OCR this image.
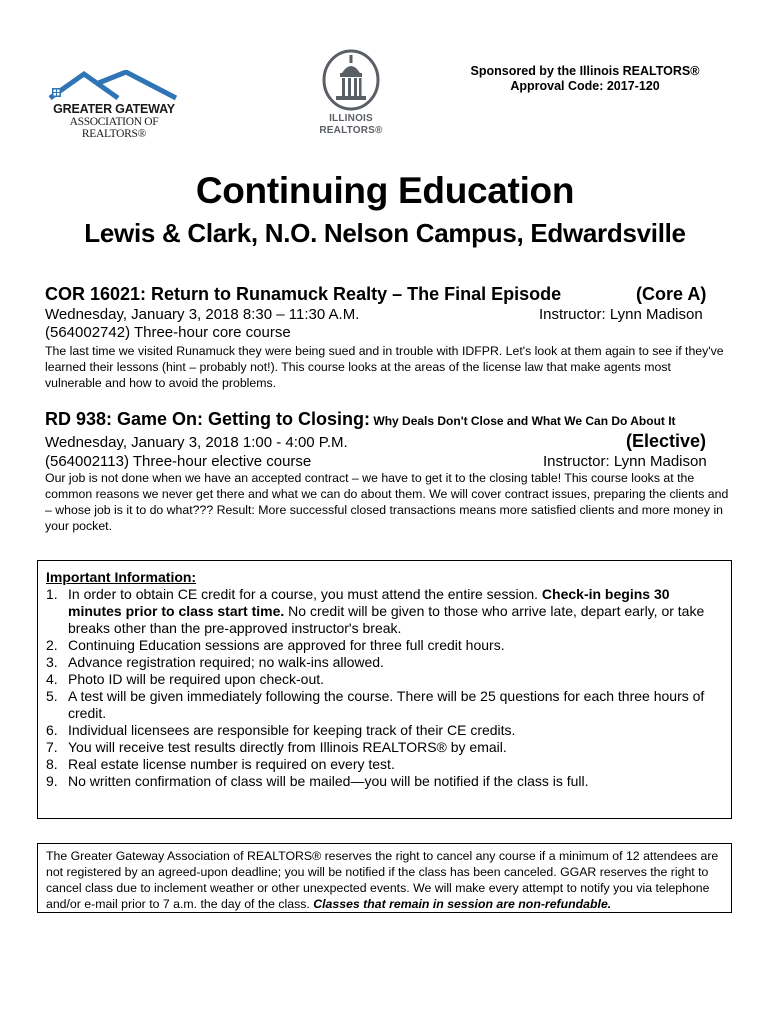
GREATER GATEWAY
ASSOCIATION OF REALTORS®
ILLINOIS
REALTORS®
Sponsored by the Illinois REALTORS®
Approval Code: 2017-120
Continuing Education
Lewis & Clark, N.O. Nelson Campus, Edwardsville
COR 16021: Return to Runamuck Realty – The Final Episode	(Core A)
Wednesday, January 3, 2018 8:30 – 11:30 A.M.	Instructor: Lynn Madison
(564002742) Three-hour core course
The last time we visited Runamuck they were being sued and in trouble with IDFPR. Let's look at them again to see if they've learned their lessons (hint – probably not!). This course looks at the areas of the license law that make agents most vulnerable and how to avoid the problems.
RD 938: Game On: Getting to Closing: Why Deals Don't Close and What We Can Do About It
Wednesday, January 3, 2018 1:00 - 4:00 P.M.	(Elective)
(564002113) Three-hour elective course	Instructor: Lynn Madison
Our job is not done when we have an accepted contract – we have to get it to the closing table! This course looks at the common reasons we never get there and what we can do about them. We will cover contract issues, preparing the clients and – whose job is it to do what??? Result: More successful closed transactions means more satisfied clients and more money in your pocket.
Important Information:
1. In order to obtain CE credit for a course, you must attend the entire session. Check-in begins 30 minutes prior to class start time. No credit will be given to those who arrive late, depart early, or take breaks other than the pre-approved instructor's break.
2. Continuing Education sessions are approved for three full credit hours.
3. Advance registration required; no walk-ins allowed.
4. Photo ID will be required upon check-out.
5. A test will be given immediately following the course. There will be 25 questions for each three hours of credit.
6. Individual licensees are responsible for keeping track of their CE credits.
7. You will receive test results directly from Illinois REALTORS® by email.
8. Real estate license number is required on every test.
9. No written confirmation of class will be mailed—you will be notified if the class is full.
The Greater Gateway Association of REALTORS® reserves the right to cancel any course if a minimum of 12 attendees are not registered by an agreed-upon deadline; you will be notified if the class has been canceled. GGAR reserves the right to cancel class due to inclement weather or other unexpected events. We will make every attempt to notify you via telephone and/or e-mail prior to 7 a.m. the day of the class. Classes that remain in session are non-refundable.
